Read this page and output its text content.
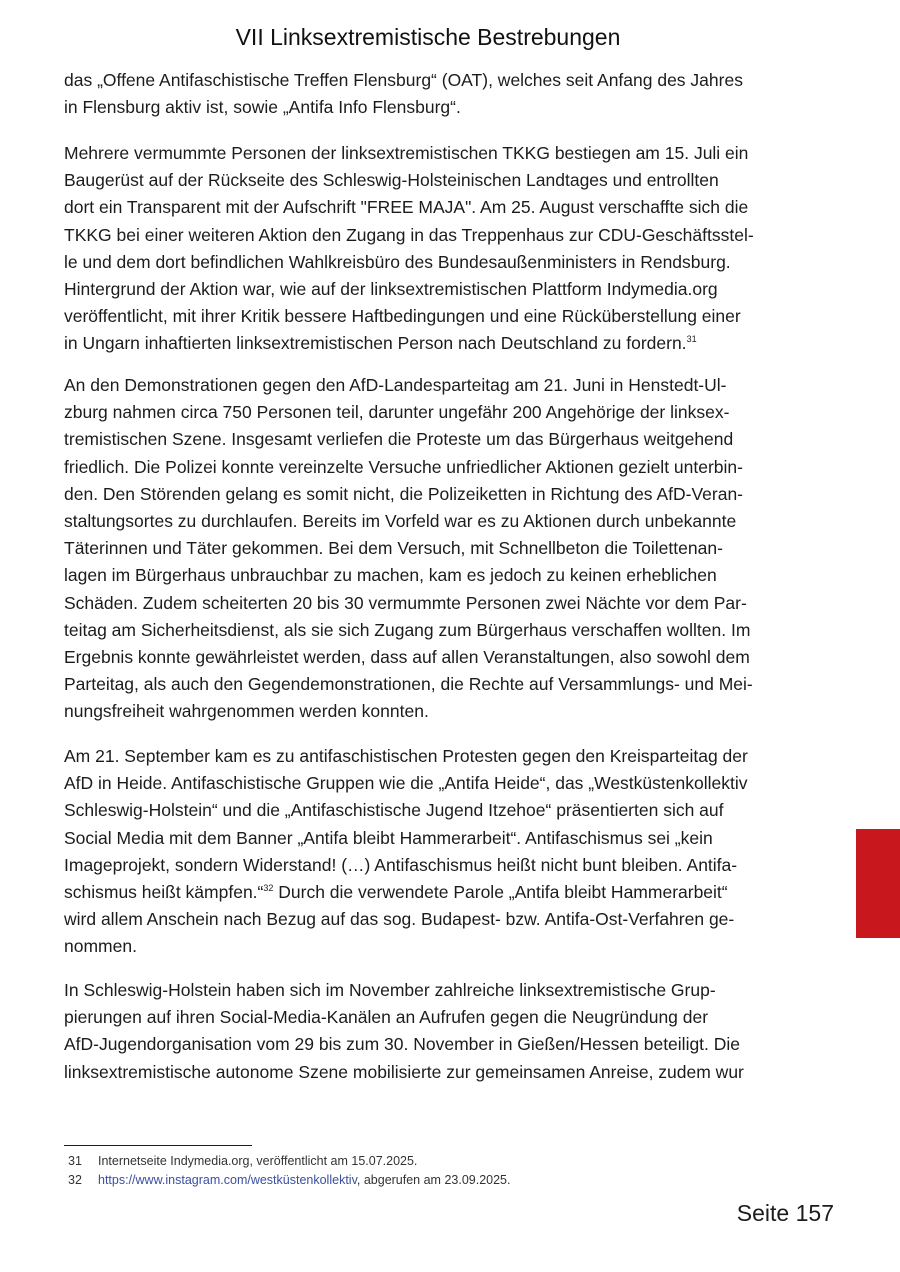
VII Linksextremistische Bestrebungen

das „Offene Antifaschistische Treffen Flensburg“ (OAT), welches seit Anfang des Jahres
in Flensburg aktiv ist, sowie „Antifa Info Flensburg“.

Mehrere vermummte Personen der linksextremistischen TKKG bestiegen am 15. Juli ein
Baugerüst auf der Rückseite des Schleswig-Holsteinischen Landtages und entrollten
dort ein Transparent mit der Aufschrift "FREE MAJA". Am 25. August verschaffte sich die
TKKG bei einer weiteren Aktion den Zugang in das Treppenhaus zur CDU-Geschäftsstel-
le und dem dort befindlichen Wahlkreisbüro des Bundesaußenministers in Rendsburg.
Hintergrund der Aktion war, wie auf der linksextremistischen Plattform Indymedia.org
veröffentlicht, mit ihrer Kritik bessere Haftbedingungen und eine Rücküberstellung einer
in Ungarn inhaftierten linksextremistischen Person nach Deutschland zu fordern.$^{31}$

An den Demonstrationen gegen den AfD-Landesparteitag am 21. Juni in Henstedt-Ul-
zburg nahmen circa 750 Personen teil, darunter ungefähr 200 Angehörige der linksex-
tremistischen Szene. Insgesamt verliefen die Proteste um das Bürgerhaus weitgehend
friedlich. Die Polizei konnte vereinzelte Versuche unfriedlicher Aktionen gezielt unterbin-
den. Den Störenden gelang es somit nicht, die Polizeiketten in Richtung des AfD-Veran-
staltungsortes zu durchlaufen. Bereits im Vorfeld war es zu Aktionen durch unbekannte
Täterinnen und Täter gekommen. Bei dem Versuch, mit Schnellbeton die Toilettenan-
lagen im Bürgerhaus unbrauchbar zu machen, kam es jedoch zu keinen erheblichen
Schäden. Zudem scheiterten 20 bis 30 vermummte Personen zwei Nächte vor dem Par-
teitag am Sicherheitsdienst, als sie sich Zugang zum Bürgerhaus verschaffen wollten. Im
Ergebnis konnte gewährleistet werden, dass auf allen Veranstaltungen, also sowohl dem
Parteitag, als auch den Gegendemonstrationen, die Rechte auf Versammlungs- und Mei-
nungsfreiheit wahrgenommen werden konnten.

Am 21. September kam es zu antifaschistischen Protesten gegen den Kreisparteitag der
AfD in Heide. Antifaschistische Gruppen wie die „Antifa Heide“, das „Westküstenkollektiv
Schleswig-Holstein“ und die „Antifaschistische Jugend Itzehoe“ präsentierten sich auf
Social Media mit dem Banner „Antifa bleibt Hammerarbeit“. Antifaschismus sei „kein
Imageprojekt, sondern Widerstand! (…) Antifaschismus heißt nicht bunt bleiben. Antifa-
schismus heißt kämpfen.“$^{32}$ Durch die verwendete Parole „Antifa bleibt Hammerarbeit“
wird allem Anschein nach Bezug auf das sog. Budapest- bzw. Antifa-Ost-Verfahren ge-
nommen.

In Schleswig-Holstein haben sich im November zahlreiche linksextremistische Grup-
pierungen auf ihren Social-Media-Kanälen an Aufrufen gegen die Neugründung der
AfD-Jugendorganisation vom 29 bis zum 30. November in Gießen/Hessen beteiligt. Die
linksextremistische autonome Szene mobilisierte zur gemeinsamen Anreise, zudem wur

31 Internetseite Indymedia.org, veröffentlicht am 15.07.2025.
32 https://www.instagram.com/westküstenkollektiv, abgerufen am 23.09.2025.
Seite 157
